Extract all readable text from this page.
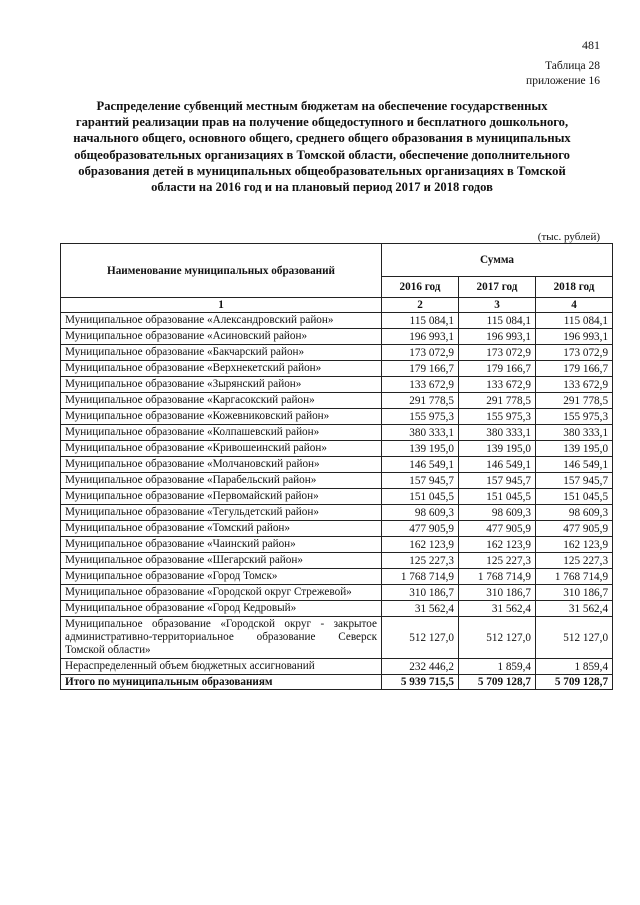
481
Таблица 28
приложение 16
Распределение субвенций местным бюджетам на обеспечение государственных гарантий реализации прав на получение общедоступного и бесплатного дошкольного, начального общего, основного общего, среднего общего образования в муниципальных общеобразовательных организациях в Томской области, обеспечение дополнительного образования детей в муниципальных общеобразовательных организациях в Томской области на 2016 год и на плановый период 2017 и 2018 годов
(тыс. рублей)
Наименование муниципальных образований	Сумма		
	2016 год	2017 год	2018 год
1	2	3	4
Муниципальное образование «Александровский район»	115 084,1	115 084,1	115 084,1
Муниципальное образование «Асиновский район»	196 993,1	196 993,1	196 993,1
Муниципальное образование «Бакчарский район»	173 072,9	173 072,9	173 072,9
Муниципальное образование «Верхнекетский район»	179 166,7	179 166,7	179 166,7
Муниципальное образование «Зырянский район»	133 672,9	133 672,9	133 672,9
Муниципальное образование «Каргасокский район»	291 778,5	291 778,5	291 778,5
Муниципальное образование «Кожевниковский район»	155 975,3	155 975,3	155 975,3
Муниципальное образование «Колпашевский район»	380 333,1	380 333,1	380 333,1
Муниципальное образование «Кривошеинский район»	139 195,0	139 195,0	139 195,0
Муниципальное образование «Молчановский район»	146 549,1	146 549,1	146 549,1
Муниципальное образование «Парабельский район»	157 945,7	157 945,7	157 945,7
Муниципальное образование «Первомайский район»	151 045,5	151 045,5	151 045,5
Муниципальное образование «Тегульдетский район»	98 609,3	98 609,3	98 609,3
Муниципальное образование «Томский район»	477 905,9	477 905,9	477 905,9
Муниципальное образование «Чаинский район»	162 123,9	162 123,9	162 123,9
Муниципальное образование «Шегарский район»	125 227,3	125 227,3	125 227,3
Муниципальное образование «Город Томск»	1 768 714,9	1 768 714,9	1 768 714,9
Муниципальное образование «Городской округ Стрежевой»	310 186,7	310 186,7	310 186,7
Муниципальное образование «Город Кедровый»	31 562,4	31 562,4	31 562,4
Муниципальное образование «Городской округ - закрытое административно-территориальное образование Северск Томской области»	512 127,0	512 127,0	512 127,0
Нераспределенный объем бюджетных ассигнований	232 446,2	1 859,4	1 859,4
Итого по муниципальным образованиям	5 939 715,5	5 709 128,7	5 709 128,7
